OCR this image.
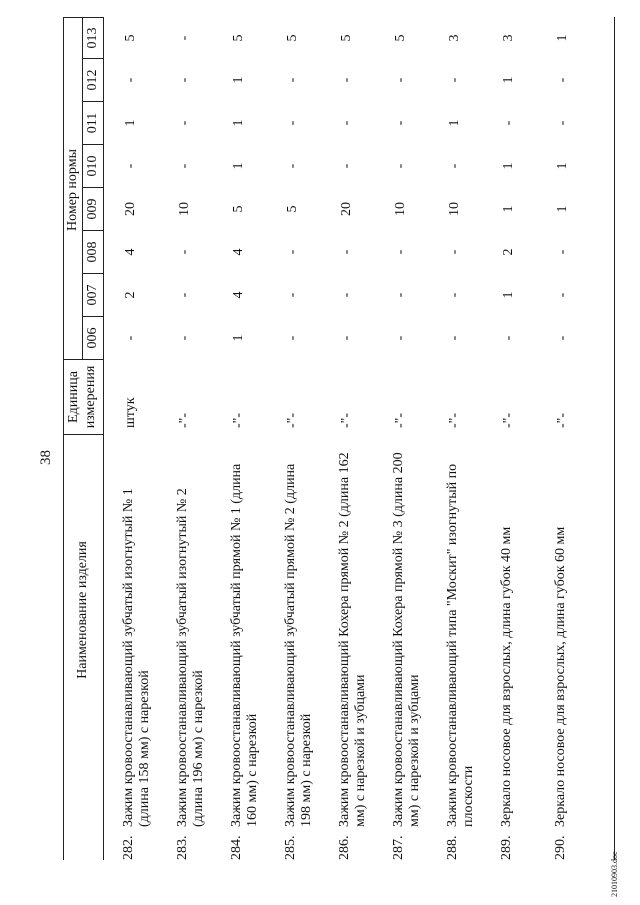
38
Наименование изделия
Единица измерения
Номер нормы
006
007
008
009
010
011
012
013
282.
Зажим кровоостанавливающий зубчатый изогнутый № 1 (длина 158 мм) с нарезкой
штук
-
2
4
20
-
1
-
5
283.
Зажим кровоостанавливающий зубчатый изогнутый № 2 (длина 196 мм) с нарезкой
-"-
-
-
-
10
-
-
-
-
284.
Зажим кровоостанавливающий зубчатый прямой № 1 (длина 160 мм) с нарезкой
-"-
1
4
4
5
1
1
1
5
285.
Зажим кровоостанавливающий зубчатый прямой № 2 (длина 198 мм) с нарезкой
-"-
-
-
-
5
-
-
-
5
286.
Зажим кровоостанавливающий Кохера прямой № 2 (длина 162 мм) с нарезкой и зубцами
-"-
-
-
-
20
-
-
-
5
287.
Зажим кровоостанавливающий Кохера прямой № 3 (длина 200 мм) с нарезкой и зубцами
-"-
-
-
-
10
-
-
-
5
288.
Зажим кровоостанавливающий типа "Москит" изогнутый по плоскости
-"-
-
-
-
10
-
1
-
3
289.
Зеркало носовое для взрослых, длина губок 40 мм
-"-
-
1
2
1
1
-
1
3
290.
Зеркало носовое для взрослых, длина губок 60 мм
-"-
-
-
-
1
1
-
-
1
21010903.doc
